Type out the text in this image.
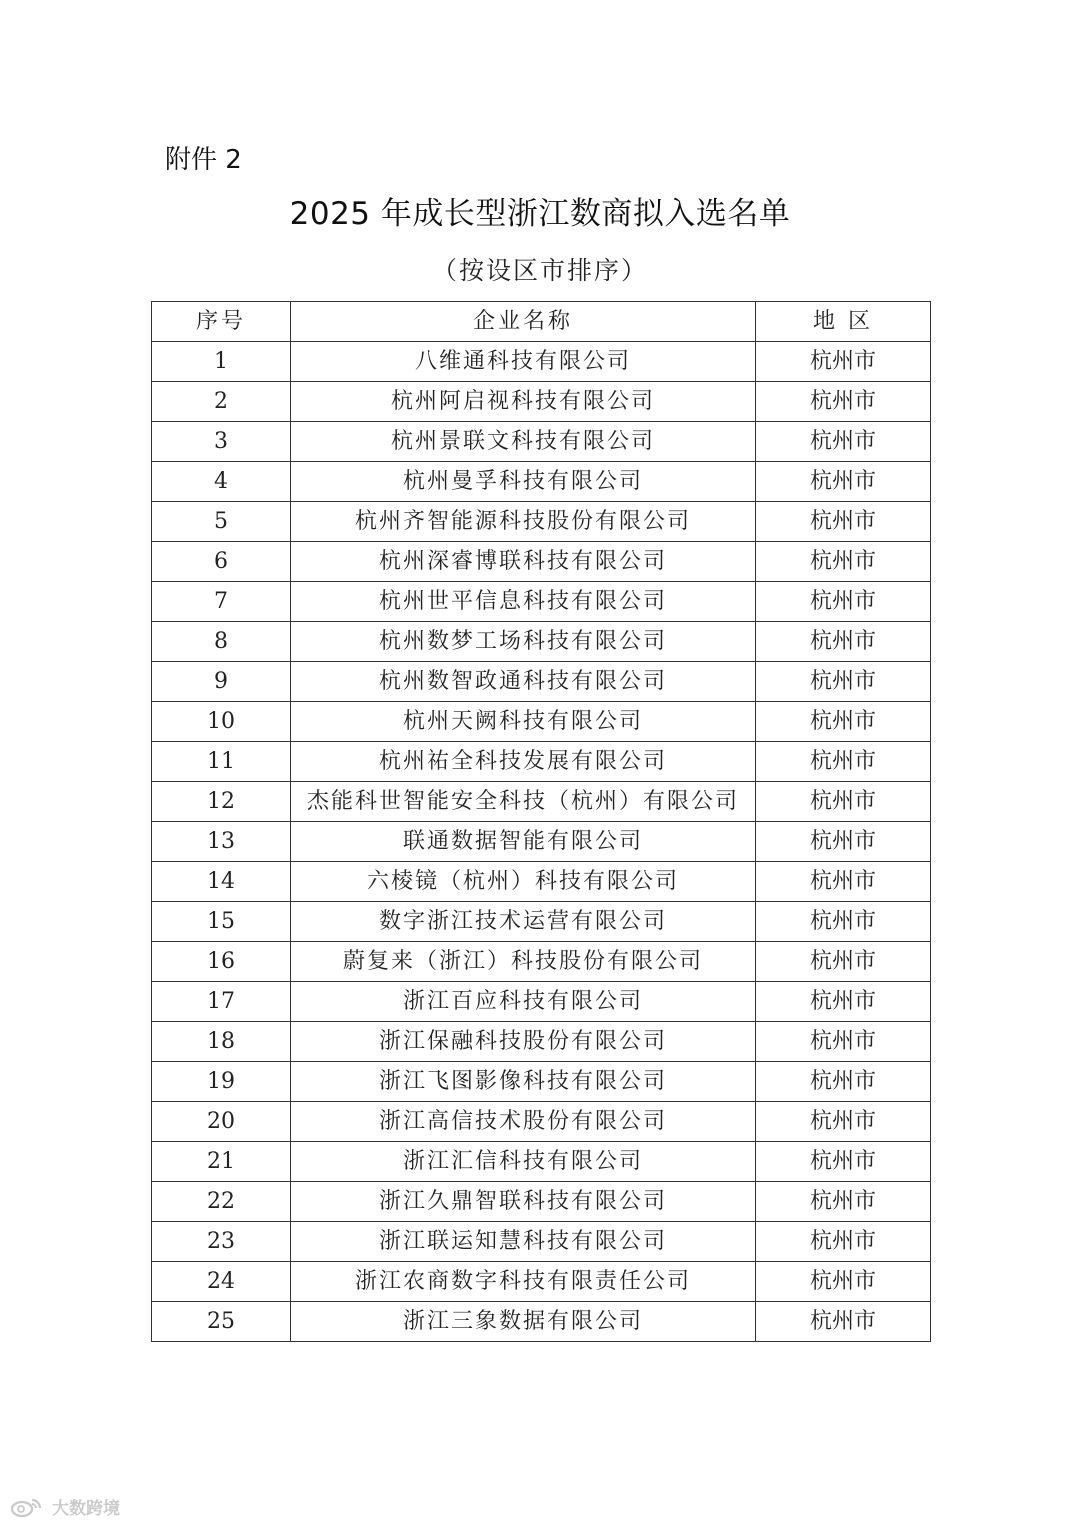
附件 2
2025 年成长型浙江数商拟入选名单
（按设区市排序）
序号	企业名称	地 区
1	八维通科技有限公司	杭州市
2	杭州阿启视科技有限公司	杭州市
3	杭州景联文科技有限公司	杭州市
4	杭州曼孚科技有限公司	杭州市
5	杭州齐智能源科技股份有限公司	杭州市
6	杭州深睿博联科技有限公司	杭州市
7	杭州世平信息科技有限公司	杭州市
8	杭州数梦工场科技有限公司	杭州市
9	杭州数智政通科技有限公司	杭州市
10	杭州天阙科技有限公司	杭州市
11	杭州祐全科技发展有限公司	杭州市
12	杰能科世智能安全科技（杭州）有限公司	杭州市
13	联通数据智能有限公司	杭州市
14	六棱镜（杭州）科技有限公司	杭州市
15	数字浙江技术运营有限公司	杭州市
16	蔚复来（浙江）科技股份有限公司	杭州市
17	浙江百应科技有限公司	杭州市
18	浙江保融科技股份有限公司	杭州市
19	浙江飞图影像科技有限公司	杭州市
20	浙江高信技术股份有限公司	杭州市
21	浙江汇信科技有限公司	杭州市
22	浙江久鼎智联科技有限公司	杭州市
23	浙江联运知慧科技有限公司	杭州市
24	浙江农商数字科技有限责任公司	杭州市
25	浙江三象数据有限公司	杭州市
大数跨境
